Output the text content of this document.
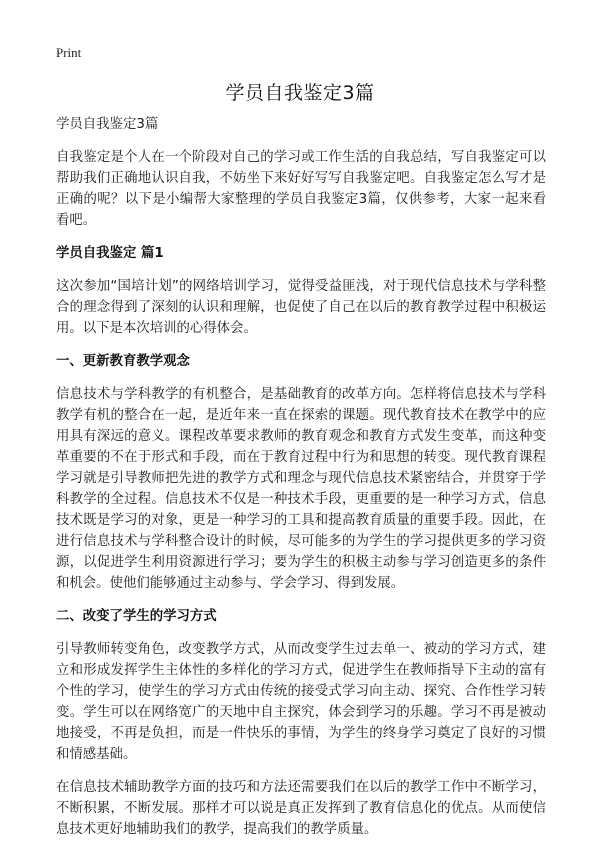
Print
学员自我鉴定3篇

学员自我鉴定3篇

自我鉴定是个人在一个阶段对自己的学习或工作生活的自我总结，写自我鉴定可以帮助我们正确地认识自我，不妨坐下来好好写写自我鉴定吧。自我鉴定怎么写才是正确的呢？以下是小编帮大家整理的学员自我鉴定3篇，仅供参考，大家一起来看看吧。

学员自我鉴定 篇1

这次参加“国培计划”的网络培训学习，觉得受益匪浅，对于现代信息技术与学科整合的理念得到了深刻的认识和理解，也促使了自己在以后的教育教学过程中积极运用。以下是本次培训的心得体会。

一、更新教育教学观念

信息技术与学科教学的有机整合，是基础教育的改革方向。怎样将信息技术与学科教学有机的整合在一起，是近年来一直在探索的课题。现代教育技术在教学中的应用具有深远的意义。课程改革要求教师的教育观念和教育方式发生变革，而这种变革重要的不在于形式和手段，而在于教育过程中行为和思想的转变。现代教育课程学习就是引导教师把先进的教学方式和理念与现代信息技术紧密结合，并贯穿于学科教学的全过程。信息技术不仅是一种技术手段，更重要的是一种学习方式，信息技术既是学习的对象，更是一种学习的工具和提高教育质量的重要手段。因此，在进行信息技术与学科整合设计的时候，尽可能多的为学生的学习提供更多的学习资源，以促进学生利用资源进行学习；要为学生的积极主动参与学习创造更多的条件和机会。使他们能够通过主动参与、学会学习、得到发展。

二、改变了学生的学习方式

引导教师转变角色，改变教学方式，从而改变学生过去单一、被动的学习方式，建立和形成发挥学生主体性的多样化的学习方式，促进学生在教师指导下主动的富有个性的学习，使学生的学习方式由传统的接受式学习向主动、探究、合作性学习转变。学生可以在网络宽广的天地中自主探究，体会到学习的乐趣。学习不再是被动地接受，不再是负担，而是一件快乐的事情，为学生的终身学习奠定了良好的习惯和情感基础。

在信息技术辅助教学方面的技巧和方法还需要我们在以后的教学工作中不断学习，不断积累，不断发展。那样才可以说是真正发挥到了教育信息化的优点。从而使信息技术更好地辅助我们的教学，提高我们的教学质量。
